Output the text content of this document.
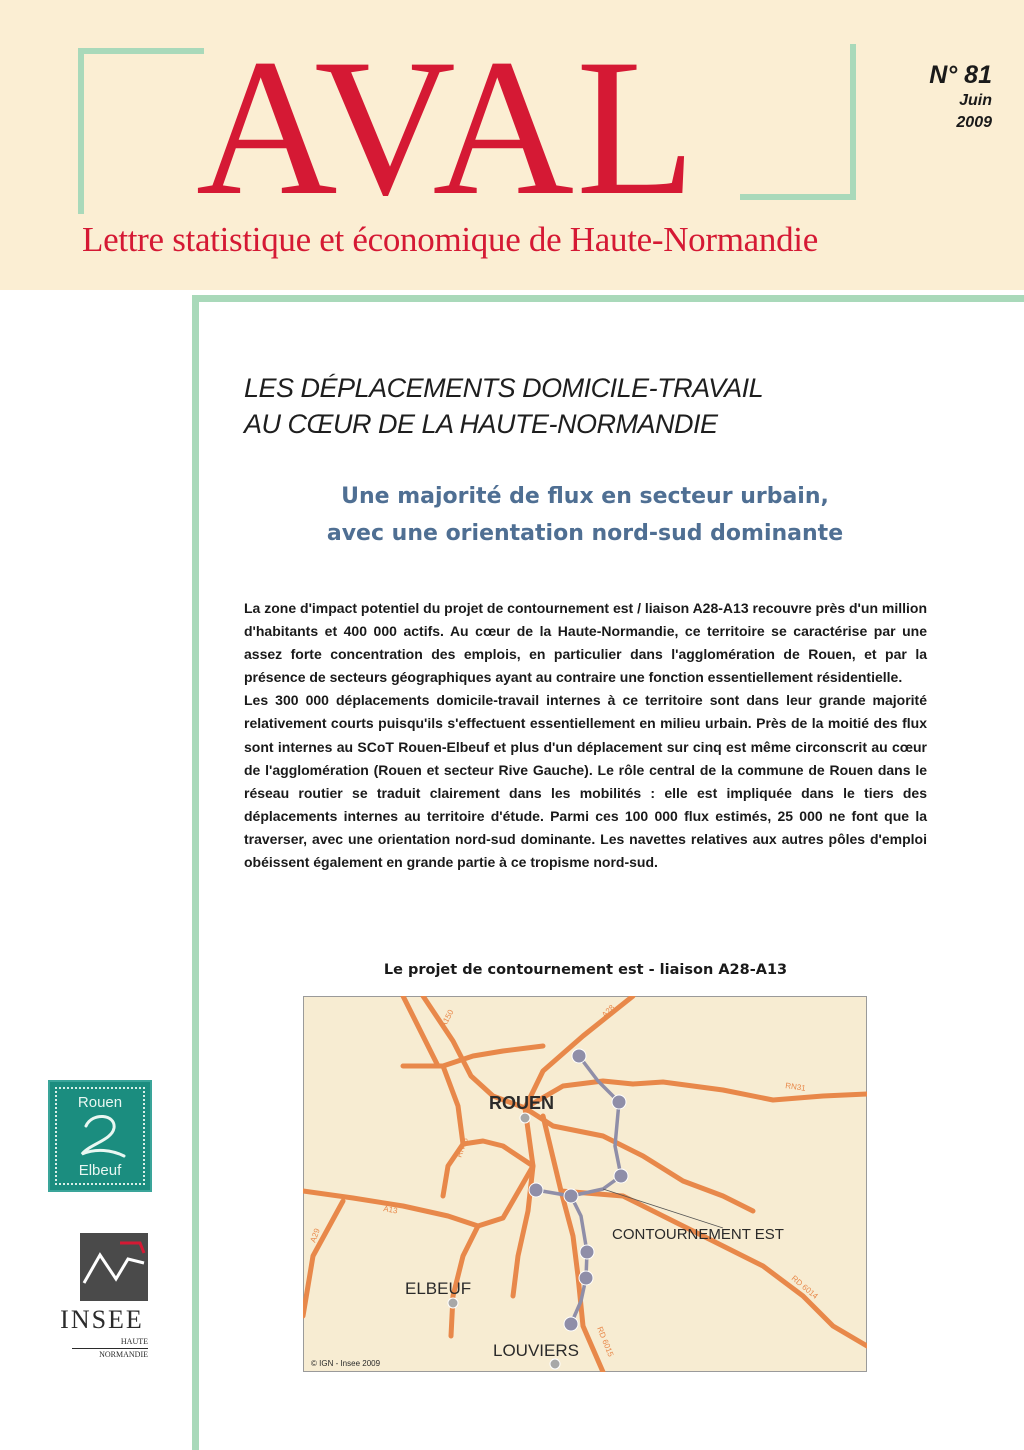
AVAL
Lettre statistique et économique de Haute-Normandie
N° 81
Juin
2009
LES DÉPLACEMENTS DOMICILE-TRAVAIL
AU CŒUR DE LA HAUTE-NORMANDIE
Une majorité de flux en secteur urbain,
avec une orientation nord-sud dominante

La zone d'impact potentiel du projet de contournement est / liaison A28-A13 recouvre près d'un million d'habitants et 400 000 actifs. Au cœur de la Haute-Normandie, ce territoire se caractérise par une assez forte concentration des emplois, en particulier dans l'agglomération de Rouen, et par la présence de secteurs géographiques ayant au contraire une fonction essentiellement résidentielle.

Les 300 000 déplacements domicile-travail internes à ce territoire sont dans leur grande majorité relativement courts puisqu'ils s'effectuent essentiellement en milieu urbain. Près de la moitié des flux sont internes au SCoT Rouen-Elbeuf et plus d'un déplacement sur cinq est même circonscrit au cœur de l'agglomération (Rouen et secteur Rive Gauche). Le rôle central de la commune de Rouen dans le réseau routier se traduit clairement dans les mobilités : elle est impliquée dans le tiers des déplacements internes au territoire d'étude. Parmi ces 100 000 flux estimés, 25 000 ne font que la traverser, avec une orientation nord-sud dominante. Les navettes relatives aux autres pôles d'emploi obéissent également en grande partie à ce tropisme nord-sud.

Le projet de contournement est - liaison A28-A13
ROUEN
ELBEUF
LOUVIERS
CONTOURNEMENT EST
© IGN - Insee 2009
A150	A28
RN31
RN28
A13
A29
RD 6014
RD 6015
Rouen
Elbeuf
INSEE
HAUTE
NORMANDIE
